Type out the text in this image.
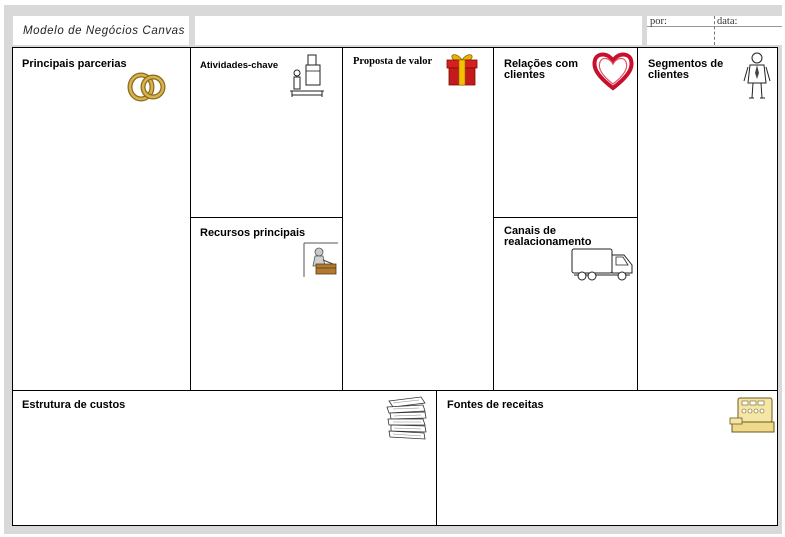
Modelo de Negócios Canvas
por:	data:
Principais parcerias	Atividades-chave
Recursos principais
Proposta de valor	Relações com clientes
Canais de realacionamento
Segmentos de clientes
Estrutura de custos	Fontes de receitas
